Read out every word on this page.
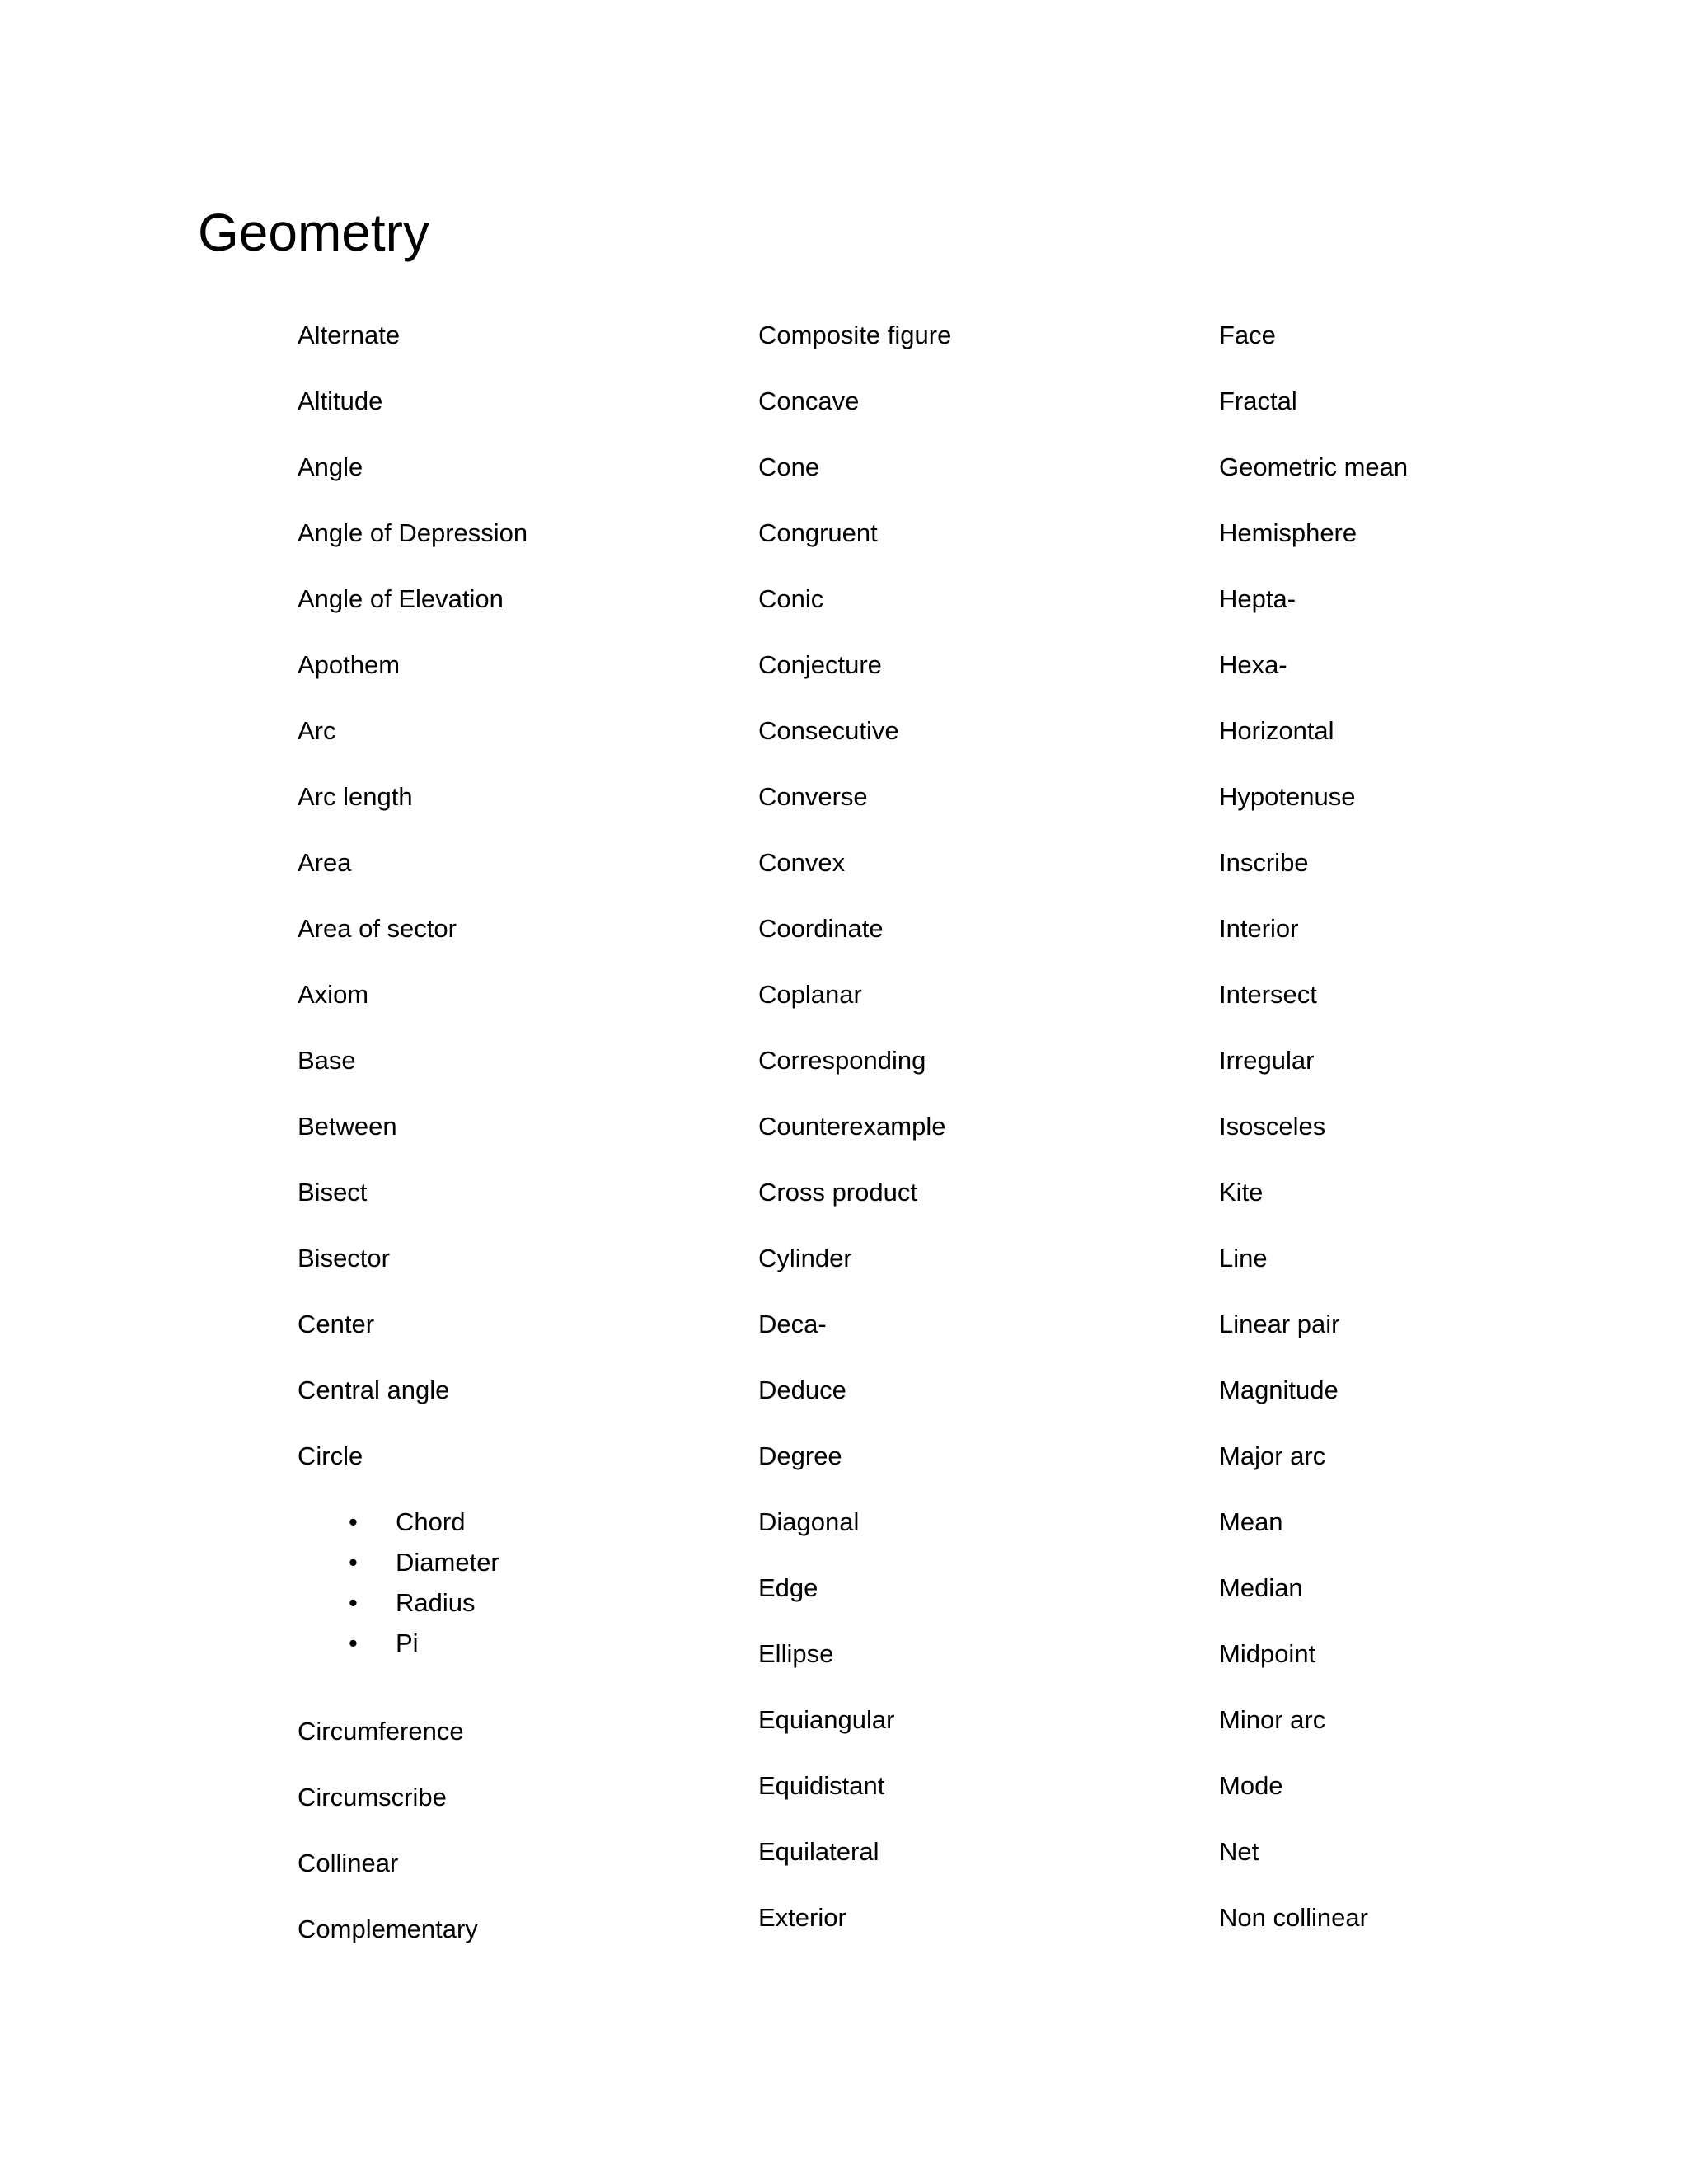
Geometry
Alternate
Altitude
Angle
Angle of Depression
Angle of Elevation
Apothem
Arc
Arc length
Area
Area of sector
Axiom
Base
Between
Bisect
Bisector
Center
Central angle
Circle
• Chord
• Diameter
• Radius
• Pi
Circumference
Circumscribe
Collinear
Complementary
Composite figure
Concave
Cone
Congruent
Conic
Conjecture
Consecutive
Converse
Convex
Coordinate
Coplanar
Corresponding
Counterexample
Cross product
Cylinder
Deca-
Deduce
Degree
Diagonal
Edge
Ellipse
Equiangular
Equidistant
Equilateral
Exterior
Face
Fractal
Geometric mean
Hemisphere
Hepta-
Hexa-
Horizontal
Hypotenuse
Inscribe
Interior
Intersect
Irregular
Isosceles
Kite
Line
Linear pair
Magnitude
Major arc
Mean
Median
Midpoint
Minor arc
Mode
Net
Non collinear
